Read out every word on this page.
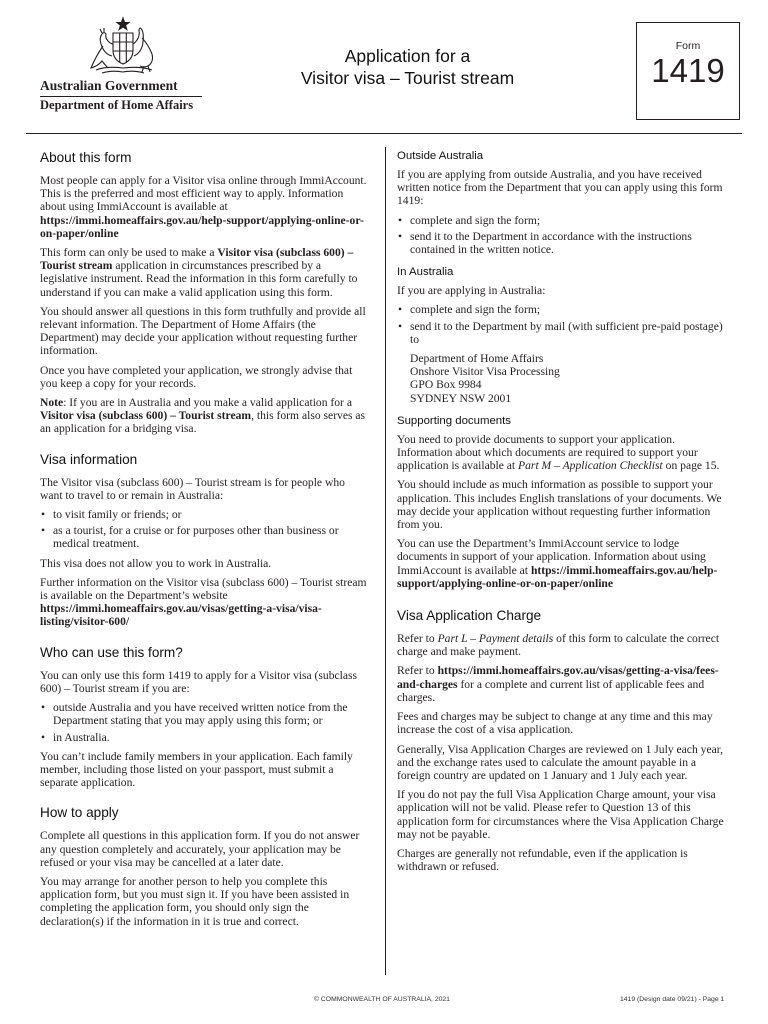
Australian Government
Department of Home Affairs
Application for a
Visitor visa – Tourist stream
Form
1419
About this form

Most people can apply for a Visitor visa online through ImmiAccount. This is the preferred and most efficient way to apply. Information about using ImmiAccount is available at https://immi.homeaffairs.gov.au/help-support/applying-online-or-on-paper/online

This form can only be used to make a Visitor visa (subclass 600) – Tourist stream application in circumstances prescribed by a legislative instrument. Read the information in this form carefully to understand if you can make a valid application using this form.

You should answer all questions in this form truthfully and provide all relevant information. The Department of Home Affairs (the Department) may decide your application without requesting further information.

Once you have completed your application, we strongly advise that you keep a copy for your records.

Note: If you are in Australia and you make a valid application for a Visitor visa (subclass 600) – Tourist stream, this form also serves as an application for a bridging visa.

Visa information

The Visitor visa (subclass 600) – Tourist stream is for people who want to travel to or remain in Australia:

• to visit family or friends; or
• as a tourist, for a cruise or for purposes other than business or medical treatment.

This visa does not allow you to work in Australia.

Further information on the Visitor visa (subclass 600) – Tourist stream is available on the Department’s website https://immi.homeaffairs.gov.au/visas/getting-a-visa/visa-listing/visitor-600/

Who can use this form?

You can only use this form 1419 to apply for a Visitor visa (subclass 600) – Tourist stream if you are:

• outside Australia and you have received written notice from the Department stating that you may apply using this form; or
• in Australia.

You can’t include family members in your application. Each family member, including those listed on your passport, must submit a separate application.

How to apply

Complete all questions in this application form. If you do not answer any question completely and accurately, your application may be refused or your visa may be cancelled at a later date.

You may arrange for another person to help you complete this application form, but you must sign it. If you have been assisted in completing the application form, you should only sign the declaration(s) if the information in it is true and correct.

Outside Australia

If you are applying from outside Australia, and you have received written notice from the Department that you can apply using this form 1419:

• complete and sign the form;
• send it to the Department in accordance with the instructions contained in the written notice.
In Australia

If you are applying in Australia:

• complete and sign the form;
• send it to the Department by mail (with sufficient pre-paid postage) to
Department of Home Affairs
Onshore Visitor Visa Processing
GPO Box 9984
SYDNEY NSW 2001
Supporting documents

You need to provide documents to support your application. Information about which documents are required to support your application is available at Part M – Application Checklist on page 15.

You should include as much information as possible to support your application. This includes English translations of your documents. We may decide your application without requesting further information from you.

You can use the Department’s ImmiAccount service to lodge documents in support of your application. Information about using ImmiAccount is available at https://immi.homeaffairs.gov.au/help-support/applying-online-or-on-paper/online

Visa Application Charge

Refer to Part L – Payment details of this form to calculate the correct charge and make payment.

Refer to https://immi.homeaffairs.gov.au/visas/getting-a-visa/fees-and-charges for a complete and current list of applicable fees and charges.

Fees and charges may be subject to change at any time and this may increase the cost of a visa application.

Generally, Visa Application Charges are reviewed on 1 July each year, and the exchange rates used to calculate the amount payable in a foreign country are updated on 1 January and 1 July each year.

If you do not pay the full Visa Application Charge amount, your visa application will not be valid. Please refer to Question 13 of this application form for circumstances where the Visa Application Charge may not be payable.

Charges are generally not refundable, even if the application is withdrawn or refused.

© COMMONWEALTH OF AUSTRALIA, 2021	1419 (Design date 09/21) - Page 1
